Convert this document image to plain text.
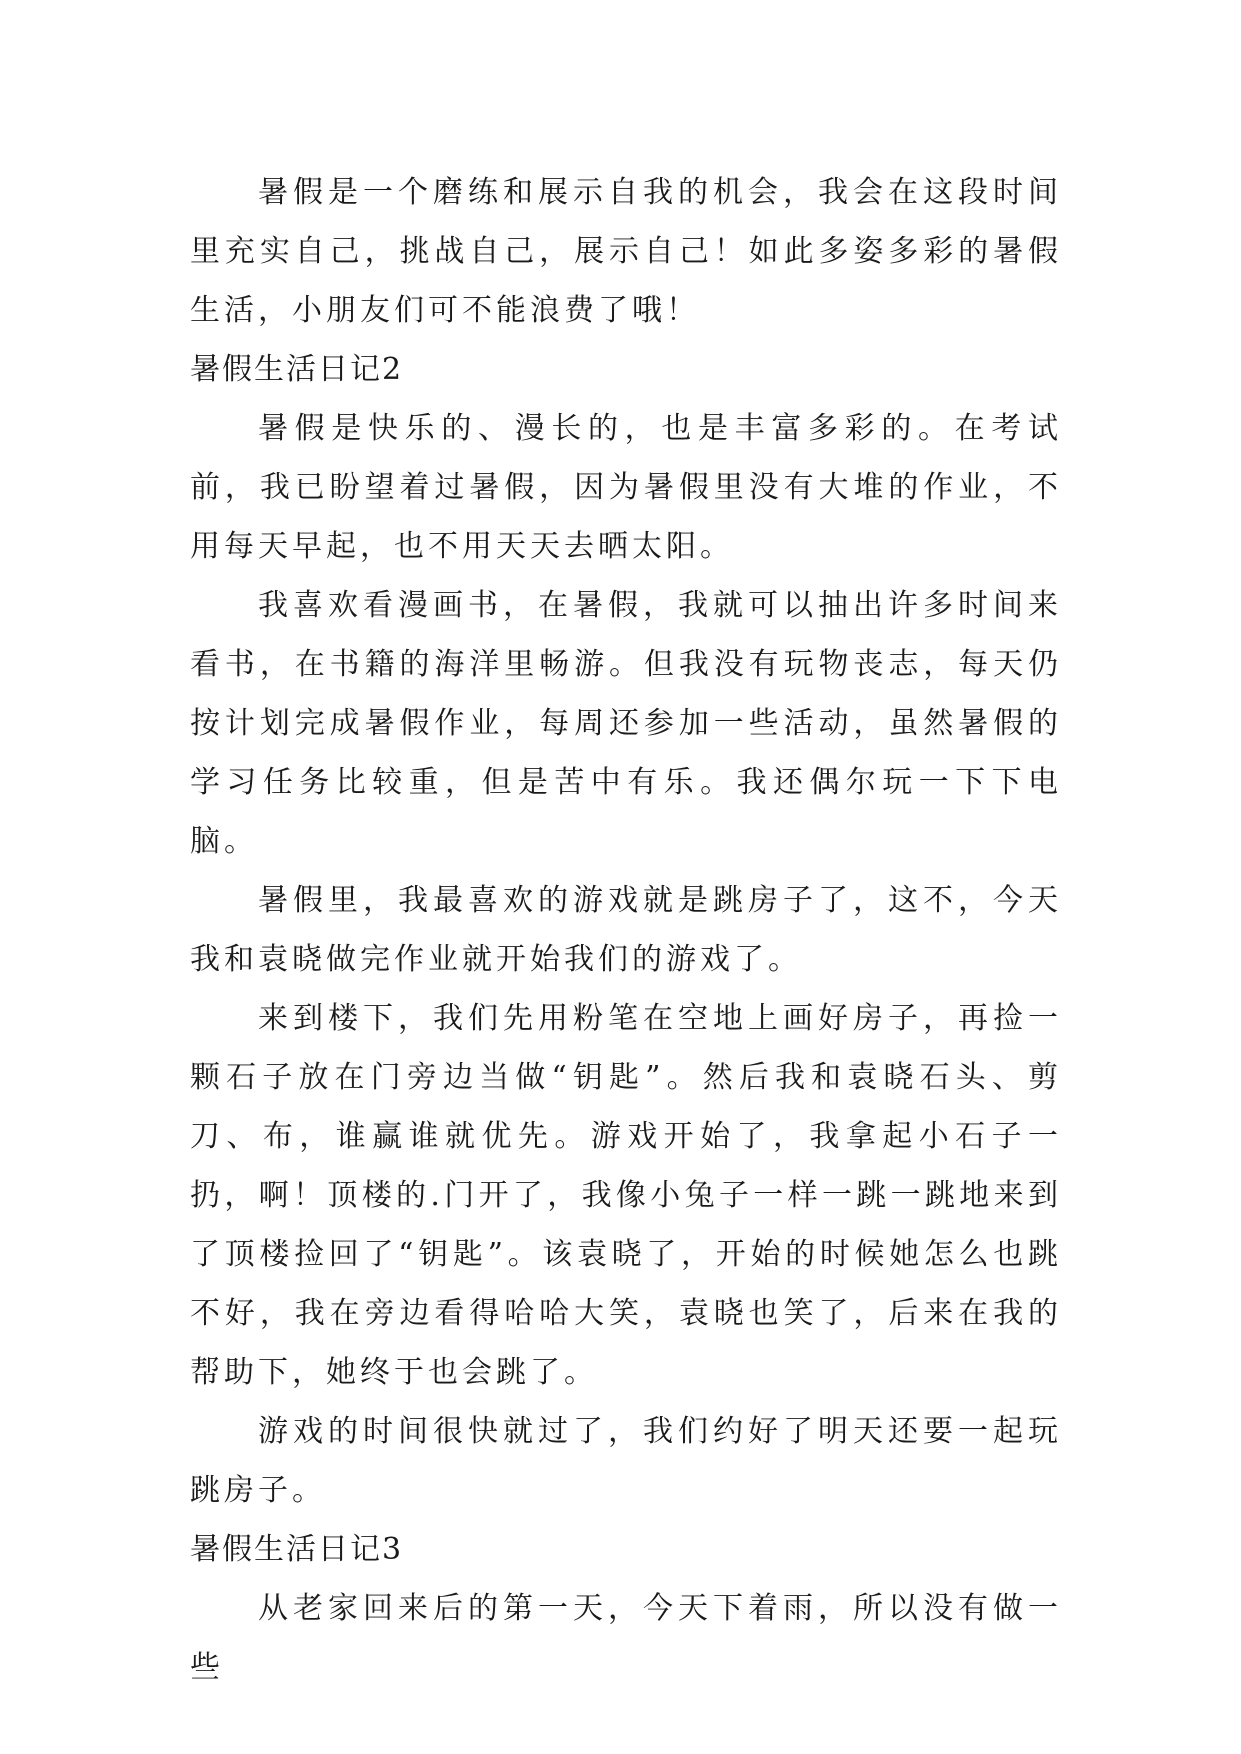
暑假是一个磨练和展示自我的机会，我会在这段时间里充实自己，挑战自己，展示自己！如此多姿多彩的暑假生活，小朋友们可不能浪费了哦！

暑假生活日记2

暑假是快乐的、漫长的，也是丰富多彩的。在考试前，我已盼望着过暑假，因为暑假里没有大堆的作业，不用每天早起，也不用天天去晒太阳。

我喜欢看漫画书，在暑假，我就可以抽出许多时间来看书，在书籍的海洋里畅游。但我没有玩物丧志，每天仍按计划完成暑假作业，每周还参加一些活动，虽然暑假的学习任务比较重，但是苦中有乐。我还偶尔玩一下下电脑。

暑假里，我最喜欢的游戏就是跳房子了，这不，今天我和袁晓做完作业就开始我们的游戏了。

来到楼下，我们先用粉笔在空地上画好房子，再捡一颗石子放在门旁边当做“钥匙”。然后我和袁晓石头、剪刀、布，谁赢谁就优先。游戏开始了，我拿起小石子一扔，啊！顶楼的.门开了，我像小兔子一样一跳一跳地来到了顶楼捡回了“钥匙”。该袁晓了，开始的时候她怎么也跳不好，我在旁边看得哈哈大笑，袁晓也笑了，后来在我的帮助下，她终于也会跳了。

游戏的时间很快就过了，我们约好了明天还要一起玩跳房子。

暑假生活日记3

从老家回来后的第一天，今天下着雨，所以没有做一些
